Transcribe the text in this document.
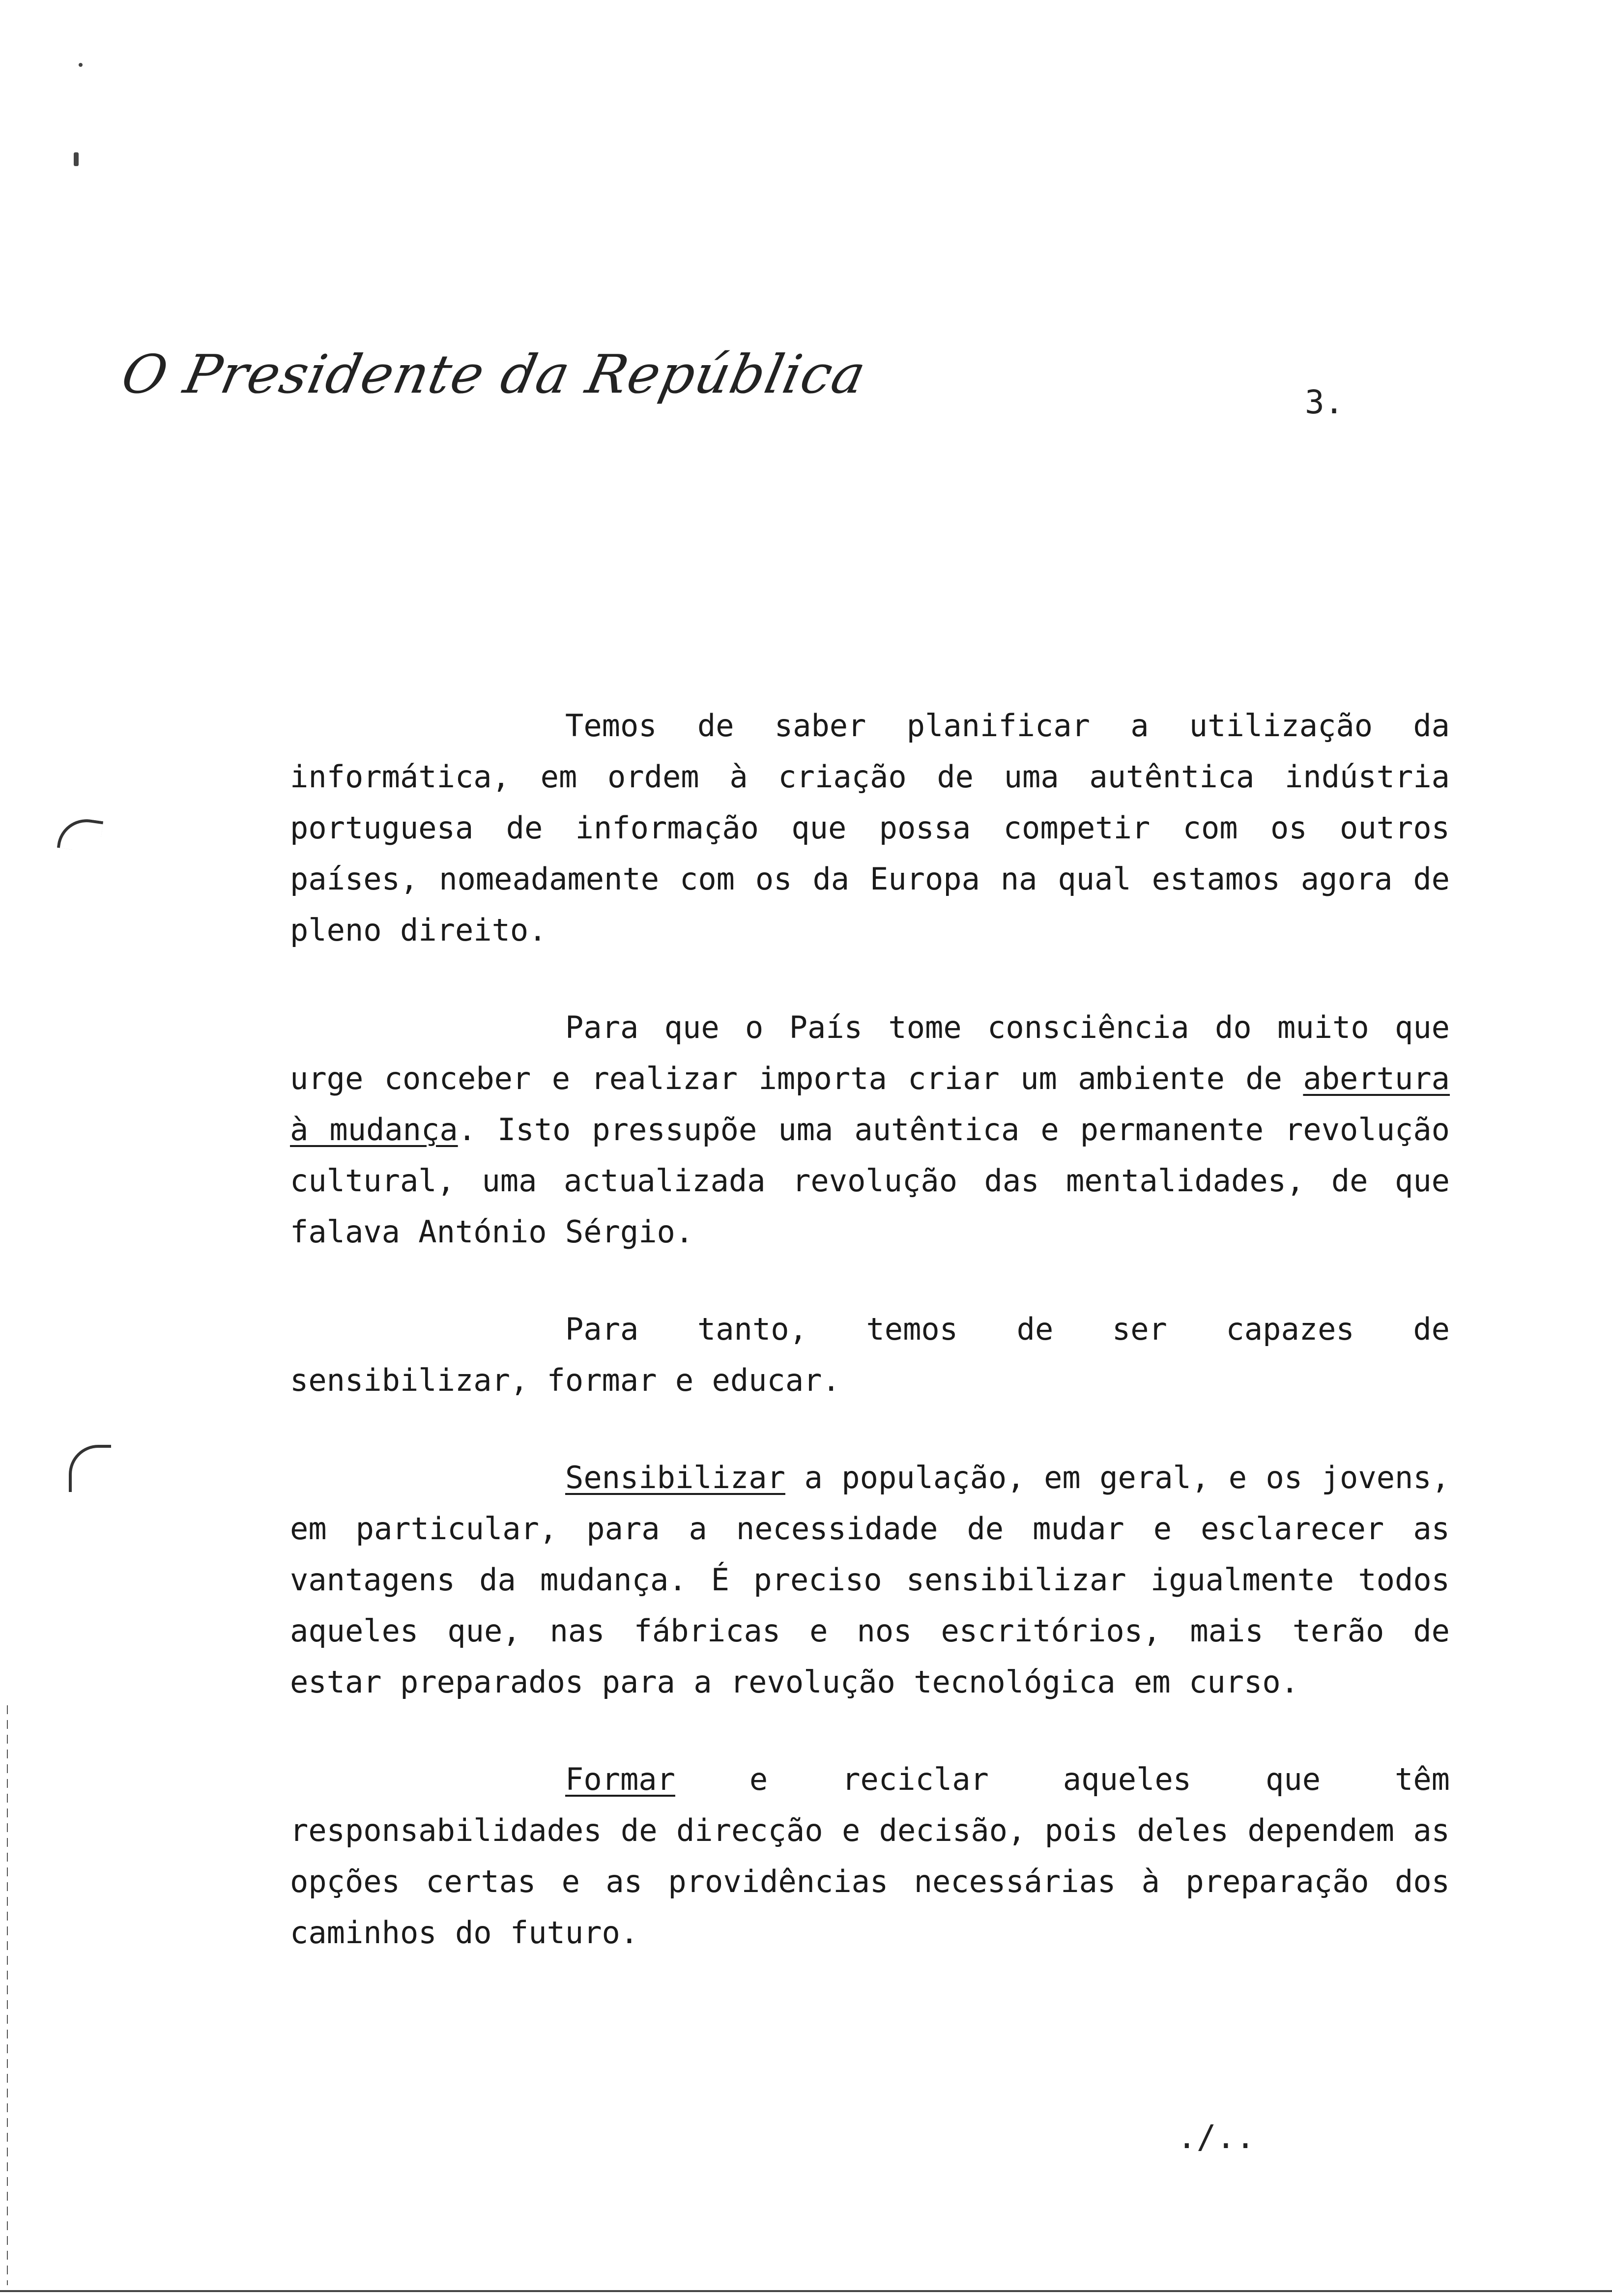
O Presidente da República	3.

Temos de saber planificar a utilização da informática, em ordem à criação de uma autêntica indústria portuguesa de informação que possa competir com os outros países, nomeadamente com os da Europa na qual estamos agora de pleno direito.

Para que o País tome consciência do muito que urge conceber e realizar importa criar um ambiente de abertura à mudança. Isto pressupõe uma autêntica e permanente revolução cultural, uma actualizada revolução das mentalidades, de que falava António Sérgio.

Para tanto, temos de ser capazes de sensibilizar, formar e educar.

Sensibilizar a população, em geral, e os jovens, em particular, para a necessidade de mudar e esclarecer as vantagens da mudança. É preciso sensibilizar igualmente todos aqueles que, nas fábricas e nos escritórios, mais terão de estar preparados para a revolução tecnológica em curso.

Formar e reciclar aqueles que têm responsabilidades de direcção e decisão, pois deles dependem as opções certas e as providências necessárias à preparação dos caminhos do futuro.

./..
